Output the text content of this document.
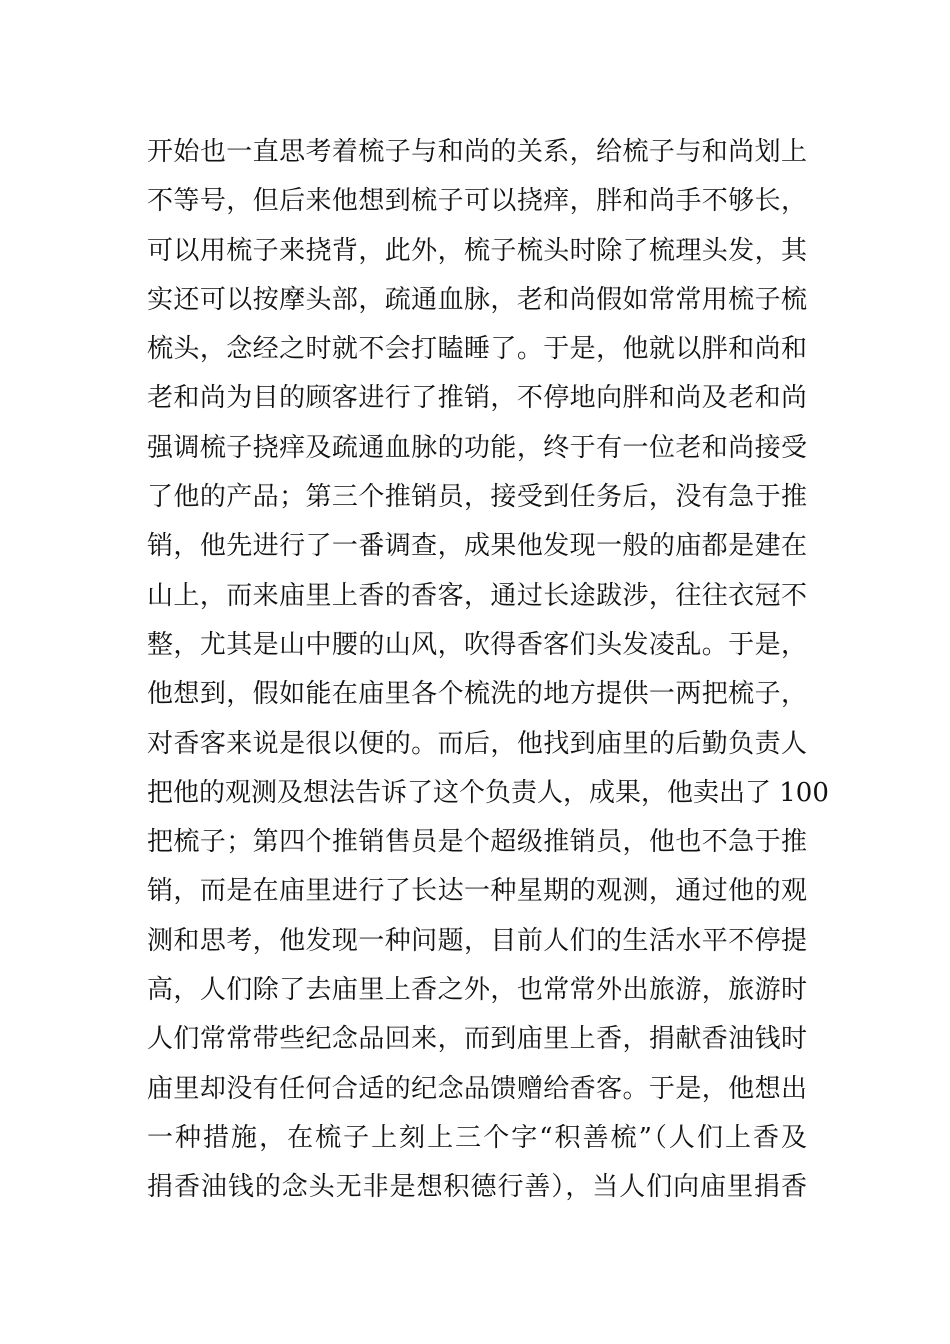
开始也一直思考着梳子与和尚的关系，给梳子与和尚划上
不等号，但后来他想到梳子可以挠痒，胖和尚手不够长，
可以用梳子来挠背，此外，梳子梳头时除了梳理头发，其
实还可以按摩头部，疏通血脉，老和尚假如常常用梳子梳
梳头，念经之时就不会打瞌睡了。于是，他就以胖和尚和
老和尚为目的顾客进行了推销，不停地向胖和尚及老和尚
强调梳子挠痒及疏通血脉的功能，终于有一位老和尚接受
了他的产品；第三个推销员，接受到任务后，没有急于推
销，他先进行了一番调查，成果他发现一般的庙都是建在
山上，而来庙里上香的香客，通过长途跋涉，往往衣冠不
整，尤其是山中腰的山风，吹得香客们头发凌乱。于是，
他想到，假如能在庙里各个梳洗的地方提供一两把梳子，
对香客来说是很以便的。而后，他找到庙里的后勤负责人
把他的观测及想法告诉了这个负责人，成果，他卖出了 100
把梳子；第四个推销售员是个超级推销员，他也不急于推
销，而是在庙里进行了长达一种星期的观测，通过他的观
测和思考，他发现一种问题，目前人们的生活水平不停提
高，人们除了去庙里上香之外，也常常外出旅游，旅游时
人们常常带些纪念品回来，而到庙里上香，捐献香油钱时
庙里却没有任何合适的纪念品馈赠给香客。于是，他想出
一种措施，在梳子上刻上三个字“积善梳”（人们上香及
捐香油钱的念头无非是想积德行善），当人们向庙里捐香
